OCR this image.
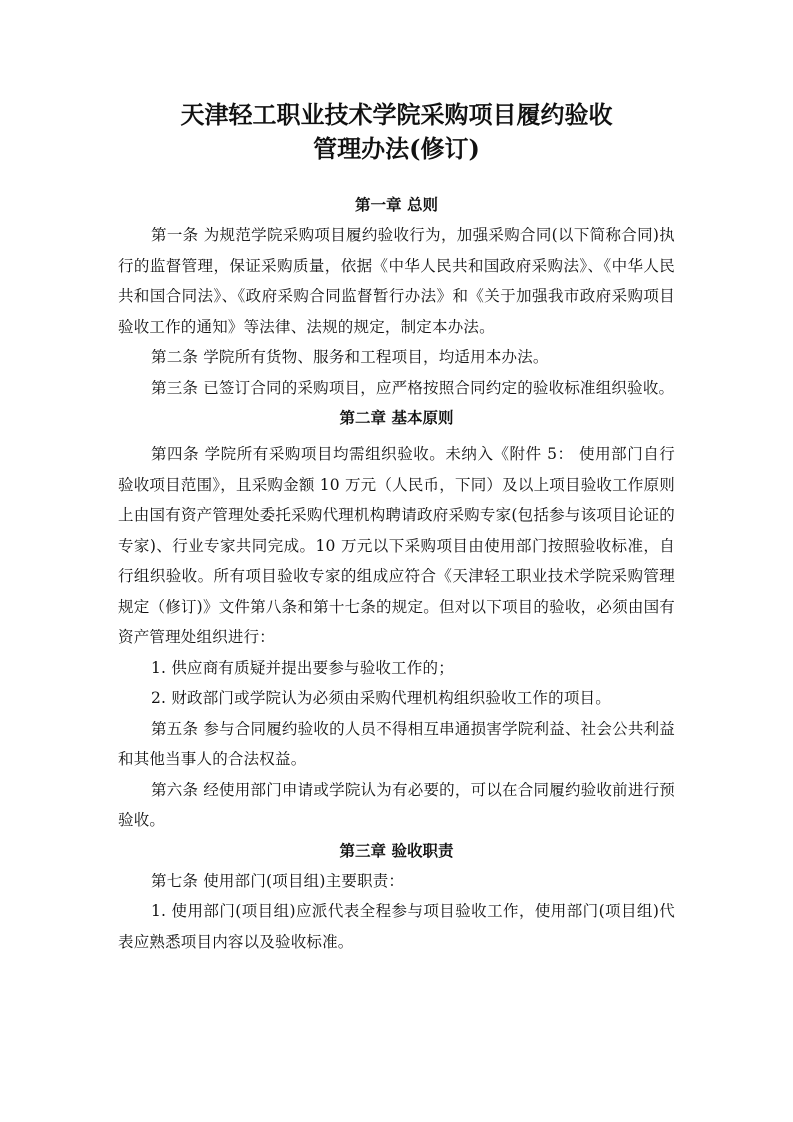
天津轻工职业技术学院采购项目履约验收
管理办法(修订)
第一章 总则

第一条 为规范学院采购项目履约验收行为，加强采购合同(以下简称合同)执行的监督管理，保证采购质量，依据《中华人民共和国政府采购法》、《中华人民共和国合同法》、《政府采购合同监督暂行办法》和《关于加强我市政府采购项目验收工作的通知》等法律、法规的规定，制定本办法。

第二条 学院所有货物、服务和工程项目，均适用本办法。

第三条 已签订合同的采购项目，应严格按照合同约定的验收标准组织验收。

第二章 基本原则

第四条 学院所有采购项目均需组织验收。未纳入《附件 5： 使用部门自行验收项目范围》，且采购金额 10 万元（人民币，下同）及以上项目验收工作原则上由国有资产管理处委托采购代理机构聘请政府采购专家(包括参与该项目论证的专家)、行业专家共同完成。10 万元以下采购项目由使用部门按照验收标准，自行组织验收。所有项目验收专家的组成应符合《天津轻工职业技术学院采购管理规定（修订)》文件第八条和第十七条的规定。但对以下项目的验收，必须由国有资产管理处组织进行：

1. 供应商有质疑并提出要参与验收工作的；

2. 财政部门或学院认为必须由采购代理机构组织验收工作的项目。

第五条 参与合同履约验收的人员不得相互串通损害学院利益、社会公共利益和其他当事人的合法权益。

第六条 经使用部门申请或学院认为有必要的，可以在合同履约验收前进行预验收。

第三章 验收职责

第七条 使用部门(项目组)主要职责：

1. 使用部门(项目组)应派代表全程参与项目验收工作，使用部门(项目组)代表应熟悉项目内容以及验收标准。
